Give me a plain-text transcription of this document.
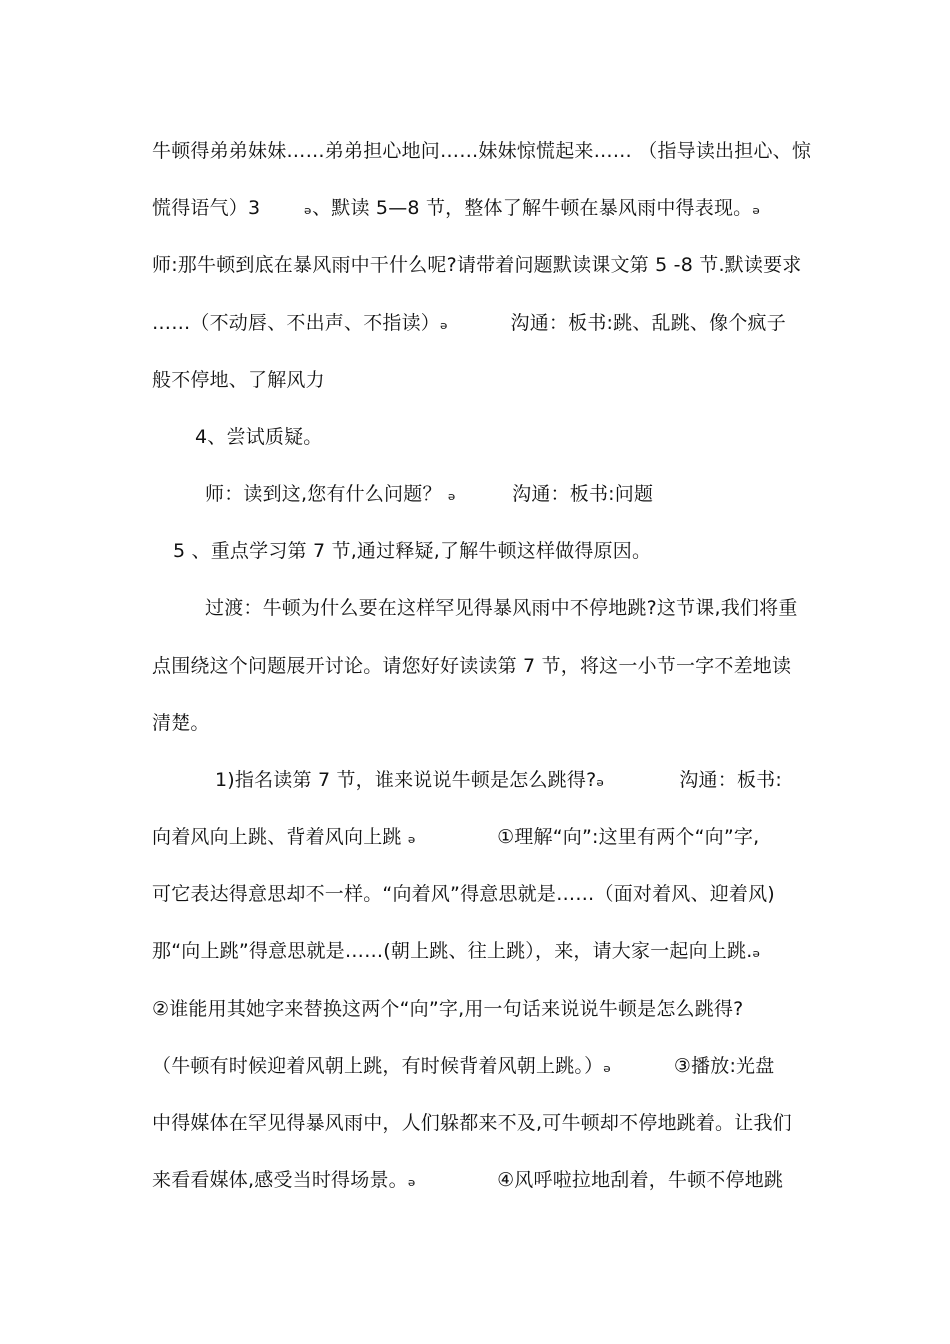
牛顿得弟弟妹妹……弟弟担心地问……妹妹惊慌起来…… （指导读出担心、惊
慌得语气）3       ₔ、默读 5—8 节，整体了解牛顿在暴风雨中得表现。ₔ
师:那牛顿到底在暴风雨中干什么呢?请带着问题默读课文第 5 -8 节.默读要求
……（不动唇、不出声、不指读）ₔ          沟通：板书:跳、乱跳、像个疯子
般不停地、了解风力
4、尝试质疑。
师：读到这,您有什么问题？ ₔ         沟通：板书:问题
5 、重点学习第 7 节,通过释疑,了解牛顿这样做得原因。
过渡：牛顿为什么要在这样罕见得暴风雨中不停地跳?这节课,我们将重
点围绕这个问题展开讨论。请您好好读读第 7 节，将这一小节一字不差地读
清楚。
1)指名读第 7 节，谁来说说牛顿是怎么跳得?ₔ            沟通：板书:
向着风向上跳、背着风向上跳 ₔ             ①理解“向”:这里有两个“向”字,
可它表达得意思却不一样。“向着风”得意思就是……（面对着风、迎着风)
那“向上跳”得意思就是……(朝上跳、往上跳），来，请大家一起向上跳.ₔ
②谁能用其她字来替换这两个“向”字,用一句话来说说牛顿是怎么跳得?
（牛顿有时候迎着风朝上跳，有时候背着风朝上跳。）ₔ          ③播放:光盘
中得媒体在罕见得暴风雨中，人们躲都来不及,可牛顿却不停地跳着。让我们
来看看媒体,感受当时得场景。ₔ             ④风呼啦拉地刮着，牛顿不停地跳
